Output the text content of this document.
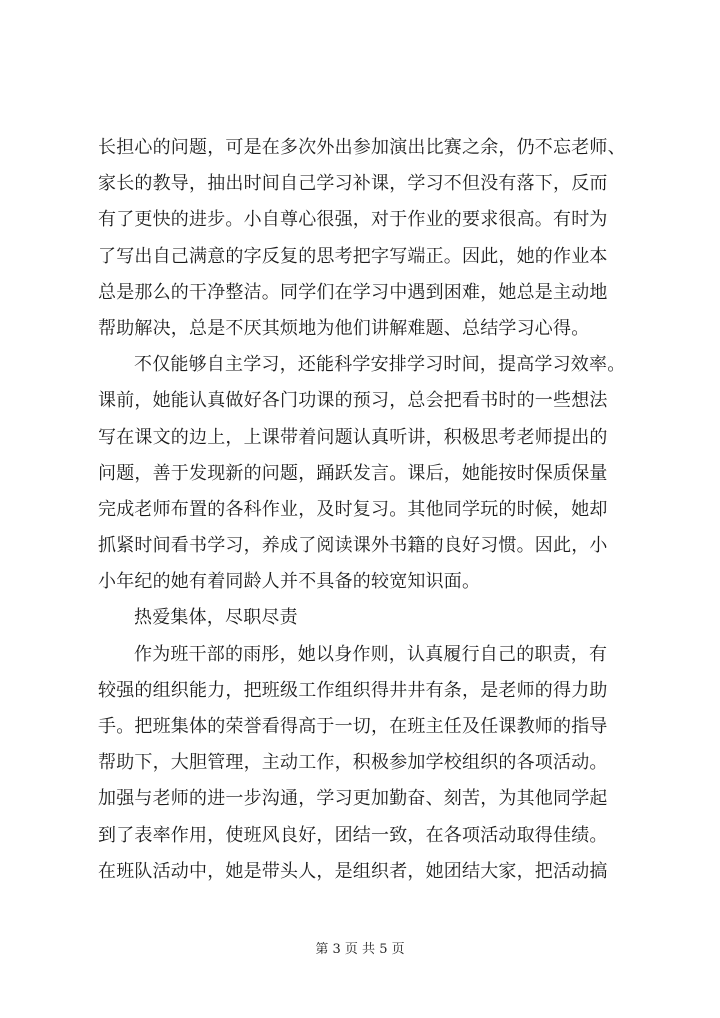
长担心的问题，可是在多次外出参加演出比赛之余，仍不忘老师、
家长的教导，抽出时间自己学习补课，学习不但没有落下，反而
有了更快的进步。小自尊心很强，对于作业的要求很高。有时为
了写出自己满意的字反复的思考把字写端正。因此，她的作业本
总是那么的干净整洁。同学们在学习中遇到困难，她总是主动地
帮助解决，总是不厌其烦地为他们讲解难题、总结学习心得。
不仅能够自主学习，还能科学安排学习时间，提高学习效率。
课前，她能认真做好各门功课的预习，总会把看书时的一些想法
写在课文的边上，上课带着问题认真听讲，积极思考老师提出的
问题，善于发现新的问题，踊跃发言。课后，她能按时保质保量
完成老师布置的各科作业，及时复习。其他同学玩的时候，她却
抓紧时间看书学习，养成了阅读课外书籍的良好习惯。因此，小
小年纪的她有着同龄人并不具备的较宽知识面。
热爱集体，尽职尽责
作为班干部的雨彤，她以身作则，认真履行自己的职责，有
较强的组织能力，把班级工作组织得井井有条，是老师的得力助
手。把班集体的荣誉看得高于一切，在班主任及任课教师的指导
帮助下，大胆管理，主动工作，积极参加学校组织的各项活动。
加强与老师的进一步沟通，学习更加勤奋、刻苦，为其他同学起
到了表率作用，使班风良好，团结一致，在各项活动取得佳绩。
在班队活动中，她是带头人，是组织者，她团结大家，把活动搞
第 3 页 共 5 页
